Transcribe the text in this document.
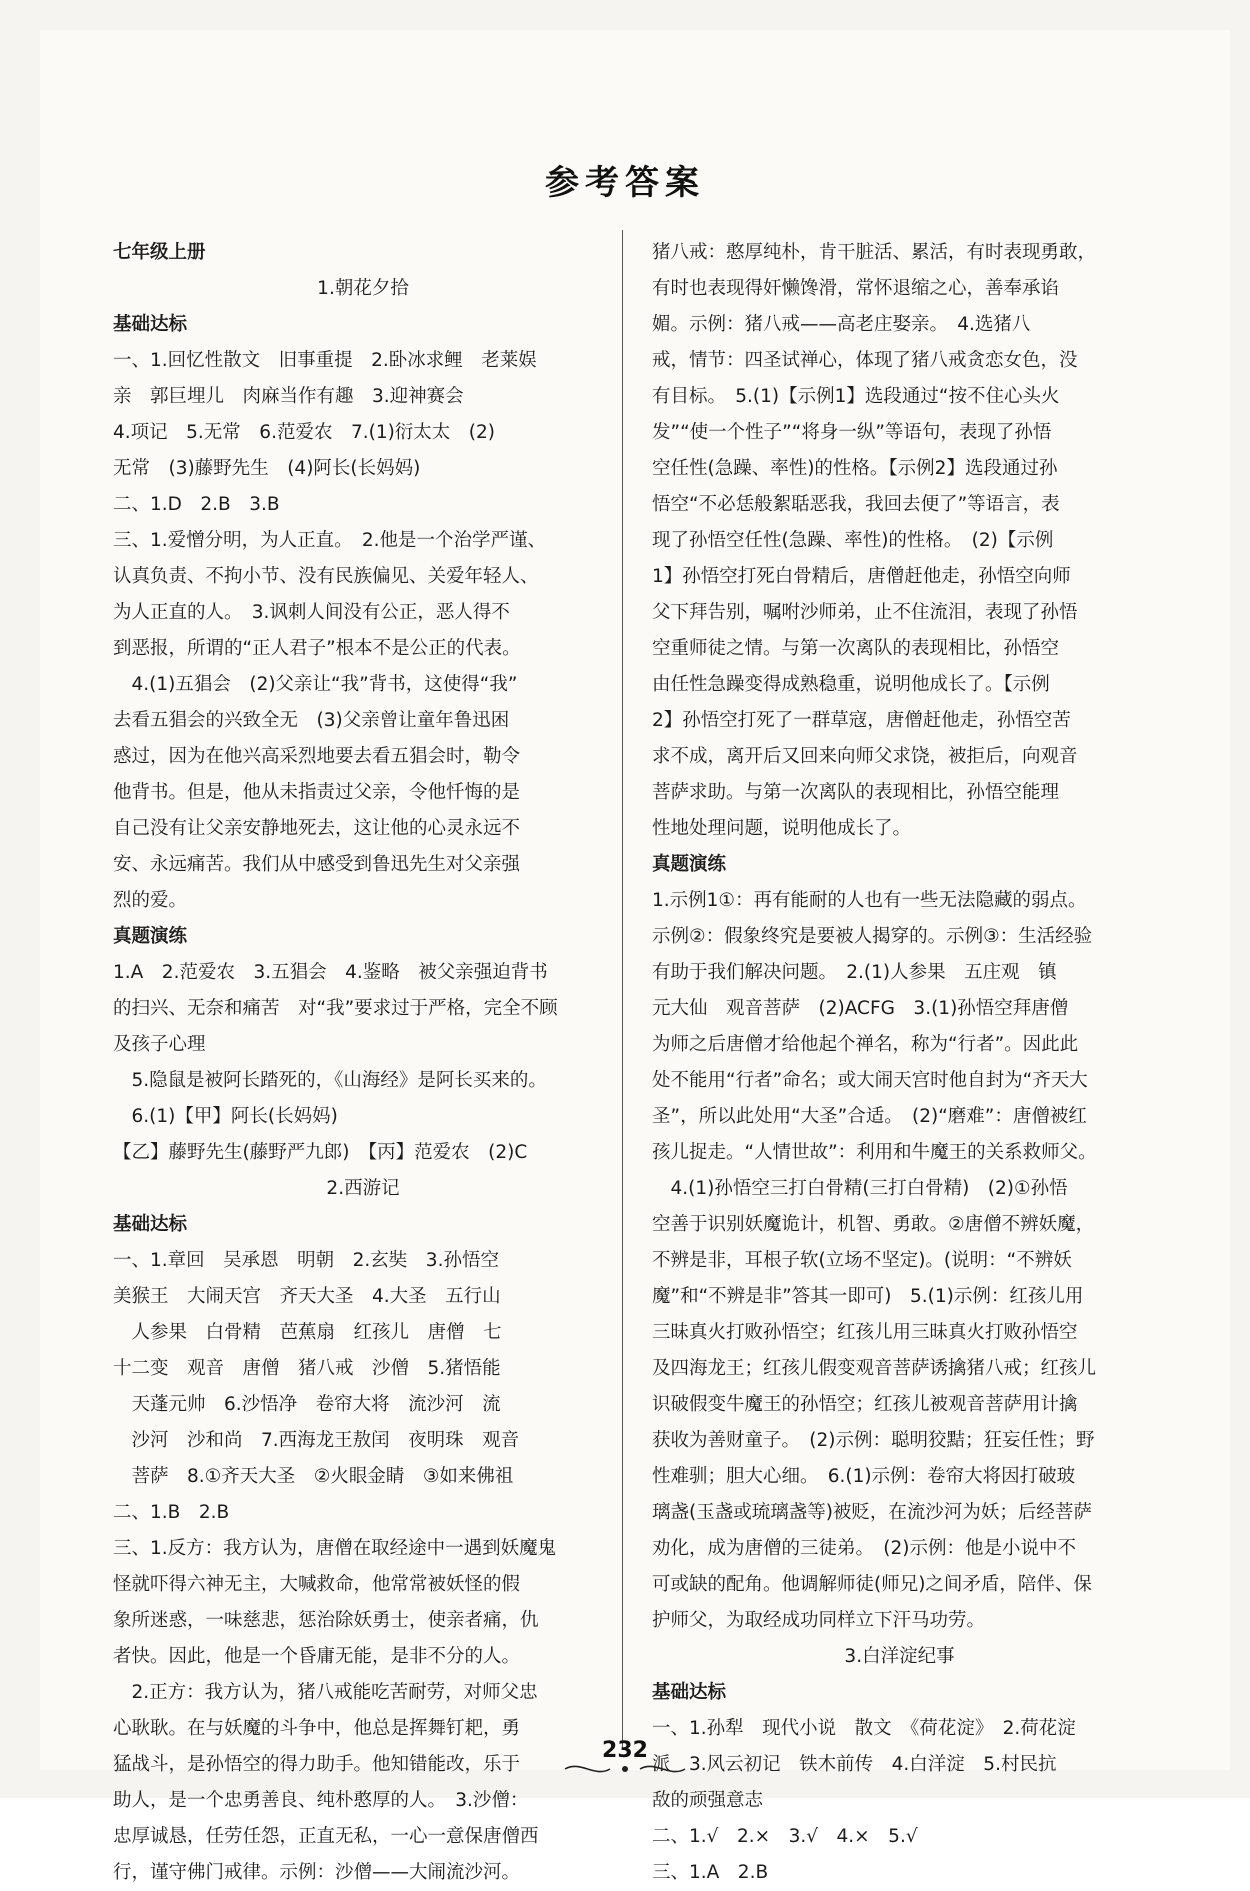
参考答案
七年级上册
1.朝花夕拾
基础达标
一、1.回忆性散文　旧事重提　2.卧冰求鲤　老莱娱
亲　郭巨埋儿　肉麻当作有趣　3.迎神赛会
4.项记　5.无常　6.范爱农　7.(1)衍太太　(2)
无常　(3)藤野先生　(4)阿长(长妈妈)
二、1.D　2.B　3.B
三、1.爱憎分明，为人正直。　2.他是一个治学严谨、
认真负责、不拘小节、没有民族偏见、关爱年轻人、
为人正直的人。　3.讽刺人间没有公正，恶人得不
到恶报，所谓的“正人君子”根本不是公正的代表。
　4.(1)五猖会　(2)父亲让“我”背书，这使得“我”
去看五猖会的兴致全无　(3)父亲曾让童年鲁迅困
惑过，因为在他兴高采烈地要去看五猖会时，勒令
他背书。但是，他从未指责过父亲，令他忏悔的是
自己没有让父亲安静地死去，这让他的心灵永远不
安、永远痛苦。我们从中感受到鲁迅先生对父亲强
烈的爱。
真题演练
1.A　2.范爱农　3.五猖会　4.鉴略　被父亲强迫背书
的扫兴、无奈和痛苦　对“我”要求过于严格，完全不顾
及孩子心理
　5.隐鼠是被阿长踏死的，《山海经》是阿长买来的。
　6.(1)【甲】阿长(长妈妈)
【乙】藤野先生(藤野严九郎)　【丙】范爱农　(2)C
2.西游记
基础达标
一、1.章回　吴承恩　明朝　2.玄奘　3.孙悟空
美猴王　大闹天宫　齐天大圣　4.大圣　五行山
　人参果　白骨精　芭蕉扇　红孩儿　唐僧　七
十二变　观音　唐僧　猪八戒　沙僧　5.猪悟能
　天蓬元帅　6.沙悟净　卷帘大将　流沙河　流
　沙河　沙和尚　7.西海龙王敖闰　夜明珠　观音
　菩萨　8.①齐天大圣　②火眼金睛　③如来佛祖
二、1.B　2.B
三、1.反方：我方认为，唐僧在取经途中一遇到妖魔鬼
怪就吓得六神无主，大喊救命，他常常被妖怪的假
象所迷惑，一味慈悲，惩治除妖勇士，使亲者痛，仇
者快。因此，他是一个昏庸无能，是非不分的人。
　2.正方：我方认为，猪八戒能吃苦耐劳，对师父忠
心耿耿。在与妖魔的斗争中，他总是挥舞钉耙，勇
猛战斗，是孙悟空的得力助手。他知错能改，乐于
助人，是一个忠勇善良、纯朴憨厚的人。　3.沙僧：
忠厚诚恳，任劳任怨，正直无私，一心一意保唐僧西
行，谨守佛门戒律。示例：沙僧——大闹流沙河。
猪八戒：憨厚纯朴，肯干脏活、累活，有时表现勇敢，
有时也表现得奸懒馋滑，常怀退缩之心，善奉承谄
媚。示例：猪八戒——高老庄娶亲。　4.选猪八
戒，情节：四圣试禅心，体现了猪八戒贪恋女色，没
有目标。　5.(1)【示例1】选段通过“按不住心头火
发”“使一个性子”“将身一纵”等语句，表现了孙悟
空任性(急躁、率性)的性格。【示例2】选段通过孙
悟空“不必恁般絮聒恶我，我回去便了”等语言，表
现了孙悟空任性(急躁、率性)的性格。　(2)【示例
1】孙悟空打死白骨精后，唐僧赶他走，孙悟空向师
父下拜告别，嘱咐沙师弟，止不住流泪，表现了孙悟
空重师徒之情。与第一次离队的表现相比，孙悟空
由任性急躁变得成熟稳重，说明他成长了。【示例
2】孙悟空打死了一群草寇，唐僧赶他走，孙悟空苦
求不成，离开后又回来向师父求饶，被拒后，向观音
菩萨求助。与第一次离队的表现相比，孙悟空能理
性地处理问题，说明他成长了。
真题演练
1.示例1①：再有能耐的人也有一些无法隐藏的弱点。
示例②：假象终究是要被人揭穿的。示例③：生活经验
有助于我们解决问题。　2.(1)人参果　五庄观　镇
元大仙　观音菩萨　(2)ACFG　3.(1)孙悟空拜唐僧
为师之后唐僧才给他起个禅名，称为“行者”。因此此
处不能用“行者”命名；或大闹天宫时他自封为“齐天大
圣”，所以此处用“大圣”合适。　(2)“磨难”：唐僧被红
孩儿捉走。“人情世故”：利用和牛魔王的关系救师父。
　4.(1)孙悟空三打白骨精(三打白骨精)　(2)①孙悟
空善于识别妖魔诡计，机智、勇敢。②唐僧不辨妖魔，
不辨是非，耳根子软(立场不坚定)。(说明：“不辨妖
魔”和“不辨是非”答其一即可)　5.(1)示例：红孩儿用
三昧真火打败孙悟空；红孩儿用三昧真火打败孙悟空
及四海龙王；红孩儿假变观音菩萨诱擒猪八戒；红孩儿
识破假变牛魔王的孙悟空；红孩儿被观音菩萨用计擒
获收为善财童子。　(2)示例：聪明狡黠；狂妄任性；野
性难驯；胆大心细。　6.(1)示例：卷帘大将因打破玻
璃盏(玉盏或琉璃盏等)被贬，在流沙河为妖；后经菩萨
劝化，成为唐僧的三徒弟。　(2)示例：他是小说中不
可或缺的配角。他调解师徒(师兄)之间矛盾，陪伴、保
护师父，为取经成功同样立下汗马功劳。
3.白洋淀纪事
基础达标
一、1.孙犁　现代小说　散文　《荷花淀》　2.荷花淀
派　3.风云初记　铁木前传　4.白洋淀　5.村民抗
敌的顽强意志
二、1.√　2.×　3.√　4.×　5.√
三、1.A　2.B
232
